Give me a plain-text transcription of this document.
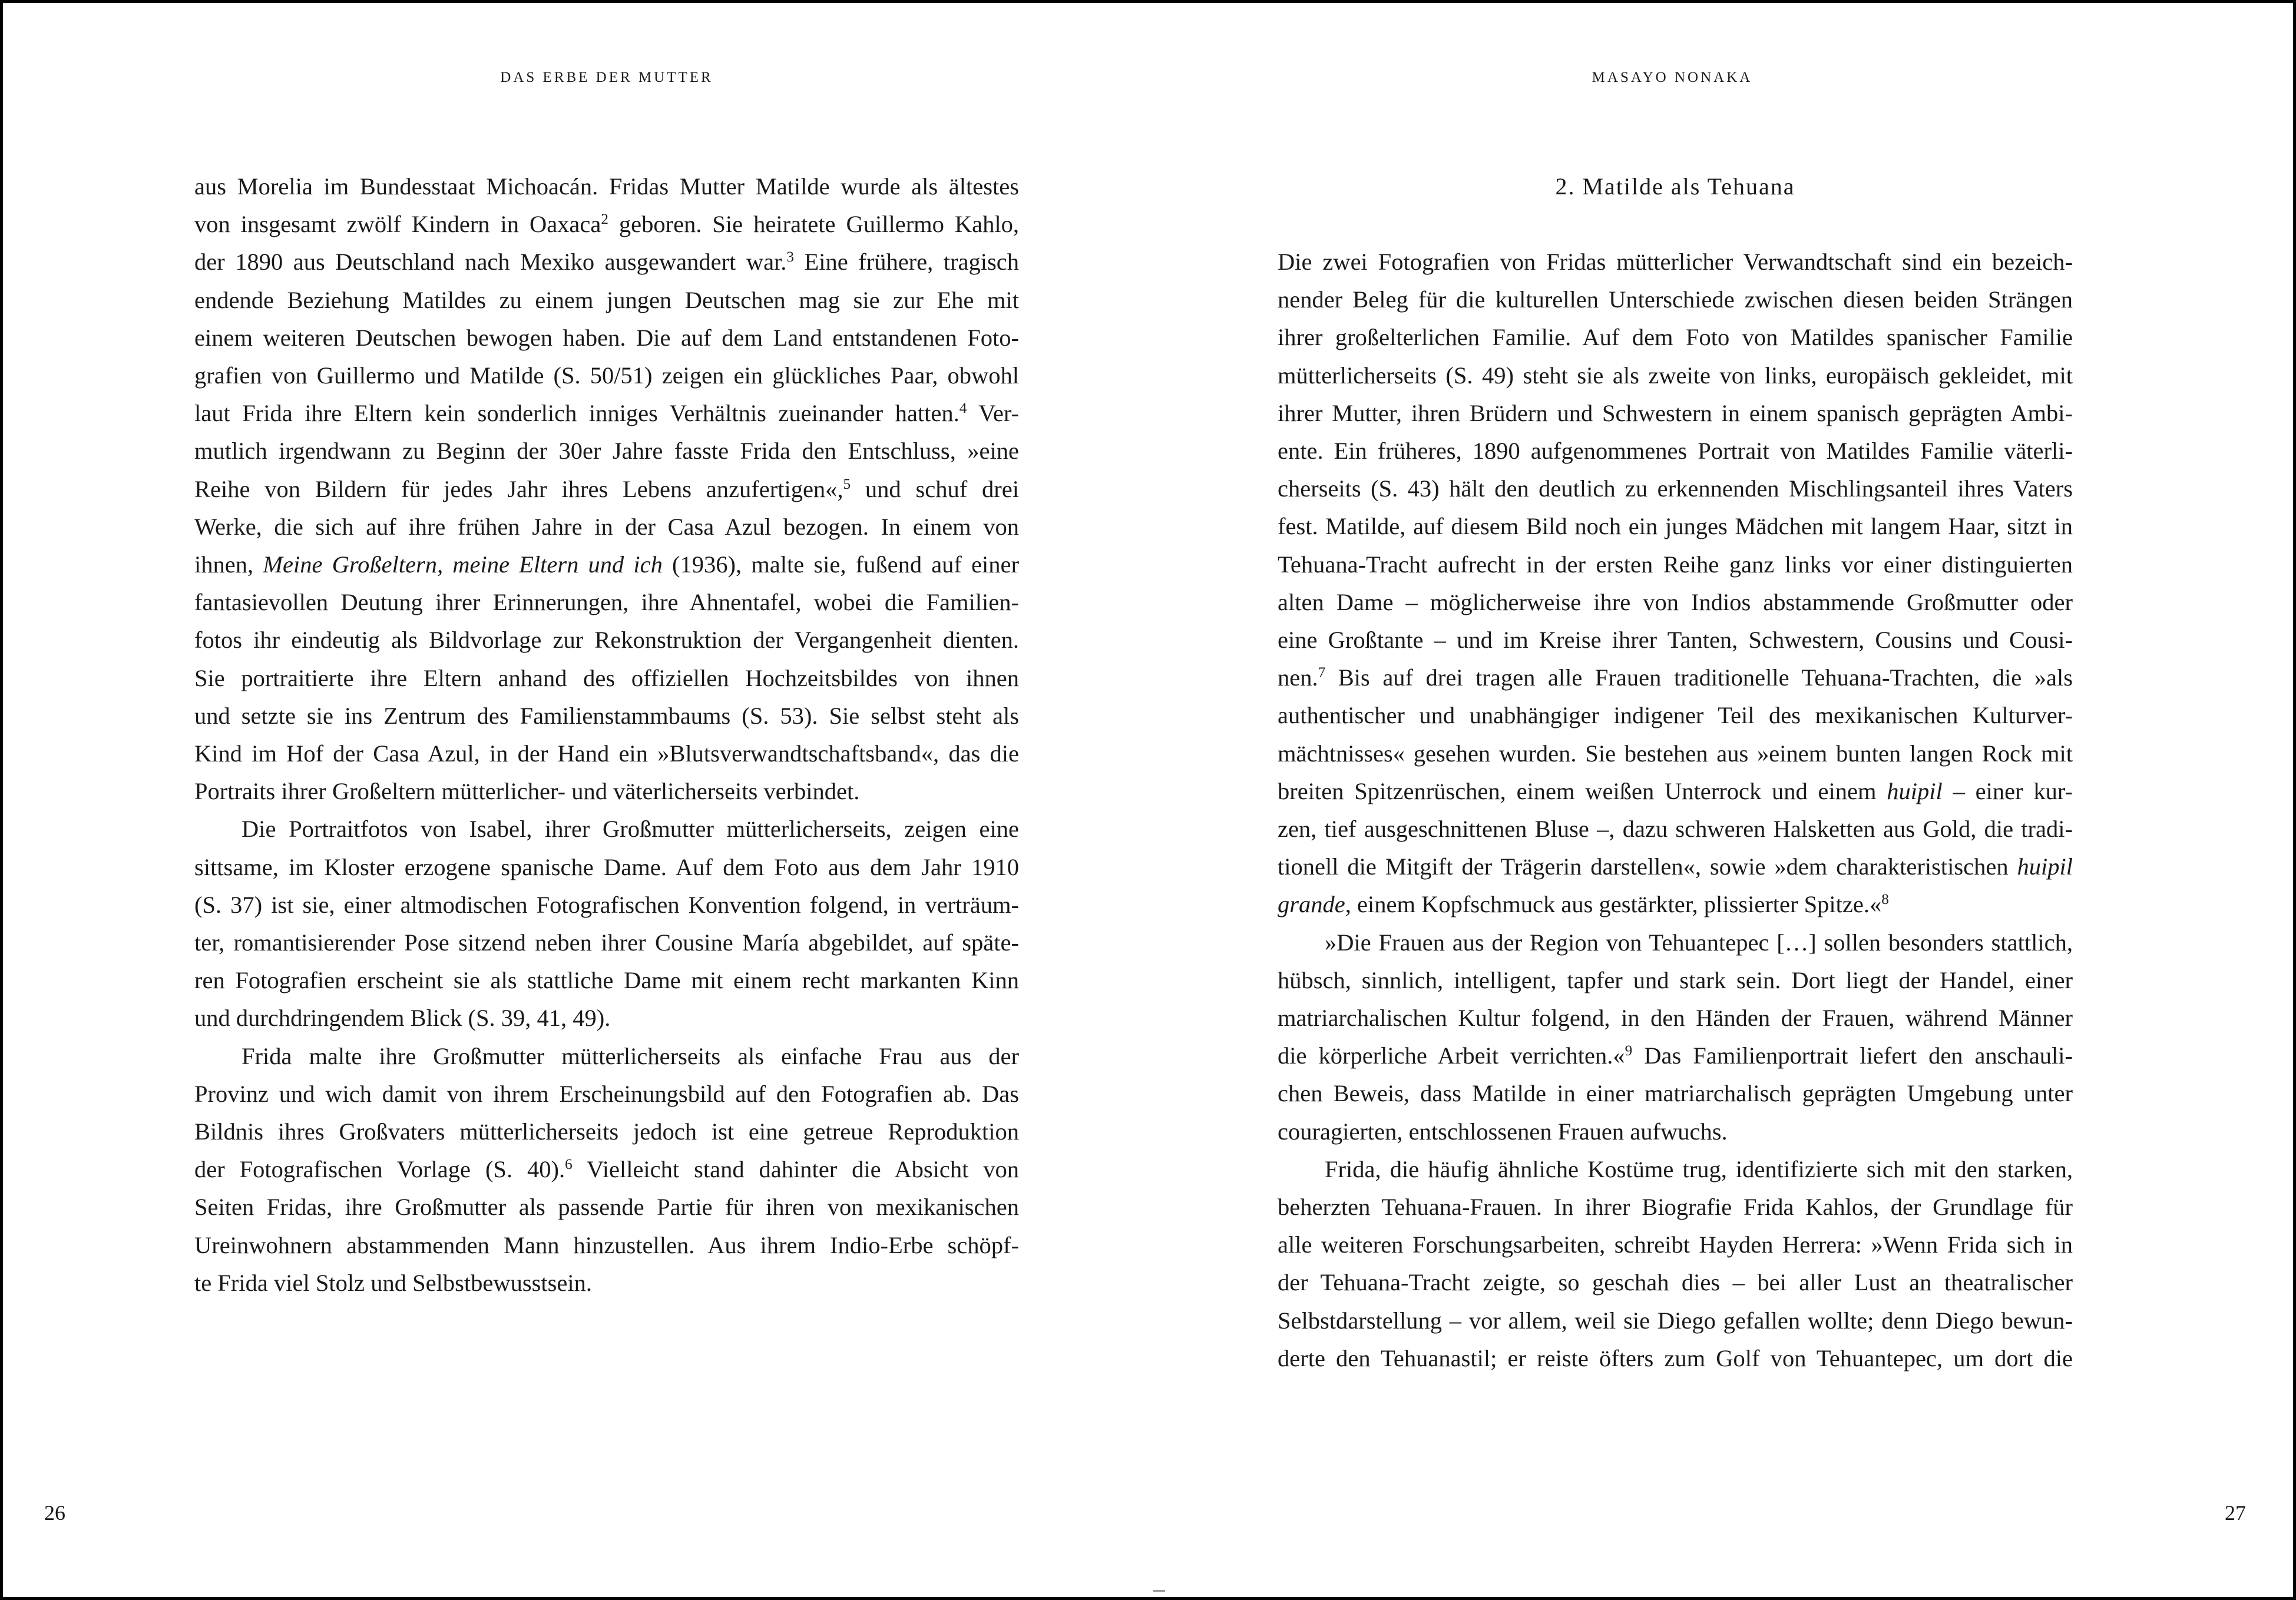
DAS ERBE DER MUTTER
aus Morelia im Bundesstaat Michoacán. Fridas Mutter Matilde wurde als ältestes
von insgesamt zwölf Kindern in Oaxaca$^2$ geboren. Sie heiratete Guillermo Kahlo,
der 1890 aus Deutschland nach Mexiko ausgewandert war.$^3$ Eine frühere, tragisch
endende Beziehung Matildes zu einem jungen Deutschen mag sie zur Ehe mit
einem weiteren Deutschen bewogen haben. Die auf dem Land entstandenen Foto-
grafien von Guillermo und Matilde (S. 50/51) zeigen ein glückliches Paar, obwohl
laut Frida ihre Eltern kein sonderlich inniges Verhältnis zueinander hatten.$^4$ Ver-
mutlich irgendwann zu Beginn der 30er Jahre fasste Frida den Entschluss, »eine
Reihe von Bildern für jedes Jahr ihres Lebens anzufertigen«,$^5$ und schuf drei
Werke, die sich auf ihre frühen Jahre in der Casa Azul bezogen. In einem von
ihnen, Meine Großeltern, meine Eltern und ich (1936), malte sie, fußend auf einer
fantasievollen Deutung ihrer Erinnerungen, ihre Ahnentafel, wobei die Familien-
fotos ihr eindeutig als Bildvorlage zur Rekonstruktion der Vergangenheit dienten.
Sie portraitierte ihre Eltern anhand des offiziellen Hochzeitsbildes von ihnen
und setzte sie ins Zentrum des Familienstammbaums (S. 53). Sie selbst steht als
Kind im Hof der Casa Azul, in der Hand ein »Blutsverwandtschaftsband«, das die
Portraits ihrer Großeltern mütterlicher- und väterlicherseits verbindet.
Die Portraitfotos von Isabel, ihrer Großmutter mütterlicherseits, zeigen eine
sittsame, im Kloster erzogene spanische Dame. Auf dem Foto aus dem Jahr 1910
(S. 37) ist sie, einer altmodischen Fotografischen Konvention folgend, in verträum-
ter, romantisierender Pose sitzend neben ihrer Cousine María abgebildet, auf späte-
ren Fotografien erscheint sie als stattliche Dame mit einem recht markanten Kinn
und durchdringendem Blick (S. 39, 41, 49).
Frida malte ihre Großmutter mütterlicherseits als einfache Frau aus der
Provinz und wich damit von ihrem Erscheinungsbild auf den Fotografien ab. Das
Bildnis ihres Großvaters mütterlicherseits jedoch ist eine getreue Reproduktion
der Fotografischen Vorlage (S. 40).$^6$ Vielleicht stand dahinter die Absicht von
Seiten Fridas, ihre Großmutter als passende Partie für ihren von mexikanischen
Ureinwohnern abstammenden Mann hinzustellen. Aus ihrem Indio-Erbe schöpf-
te Frida viel Stolz und Selbstbewusstsein.
26
MASAYO NONAKA
2. Matilde als Tehuana
Die zwei Fotografien von Fridas mütterlicher Verwandtschaft sind ein bezeich-
nender Beleg für die kulturellen Unterschiede zwischen diesen beiden Strängen
ihrer großelterlichen Familie. Auf dem Foto von Matildes spanischer Familie
mütterlicherseits (S. 49) steht sie als zweite von links, europäisch gekleidet, mit
ihrer Mutter, ihren Brüdern und Schwestern in einem spanisch geprägten Ambi-
ente. Ein früheres, 1890 aufgenommenes Portrait von Matildes Familie väterli-
cherseits (S. 43) hält den deutlich zu erkennenden Mischlingsanteil ihres Vaters
fest. Matilde, auf diesem Bild noch ein junges Mädchen mit langem Haar, sitzt in
Tehuana-Tracht aufrecht in der ersten Reihe ganz links vor einer distinguierten
alten Dame – möglicherweise ihre von Indios abstammende Großmutter oder
eine Großtante – und im Kreise ihrer Tanten, Schwestern, Cousins und Cousi-
nen.$^7$ Bis auf drei tragen alle Frauen traditionelle Tehuana-Trachten, die »als
authentischer und unabhängiger indigener Teil des mexikanischen Kulturver-
mächtnisses« gesehen wurden. Sie bestehen aus »einem bunten langen Rock mit
breiten Spitzenrüschen, einem weißen Unterrock und einem huipil – einer kur-
zen, tief ausgeschnittenen Bluse –, dazu schweren Halsketten aus Gold, die tradi-
tionell die Mitgift der Trägerin darstellen«, sowie »dem charakteristischen huipil
grande, einem Kopfschmuck aus gestärkter, plissierter Spitze.«$^8$
»Die Frauen aus der Region von Tehuantepec […] sollen besonders stattlich,
hübsch, sinnlich, intelligent, tapfer und stark sein. Dort liegt der Handel, einer
matriarchalischen Kultur folgend, in den Händen der Frauen, während Männer
die körperliche Arbeit verrichten.«$^9$ Das Familienportrait liefert den anschauli-
chen Beweis, dass Matilde in einer matriarchalisch geprägten Umgebung unter
couragierten, entschlossenen Frauen aufwuchs.
Frida, die häufig ähnliche Kostüme trug, identifizierte sich mit den starken,
beherzten Tehuana-Frauen. In ihrer Biografie Frida Kahlos, der Grundlage für
alle weiteren Forschungsarbeiten, schreibt Hayden Herrera: »Wenn Frida sich in
der Tehuana-Tracht zeigte, so geschah dies – bei aller Lust an theatralischer
Selbstdarstellung – vor allem, weil sie Diego gefallen wollte; denn Diego bewun-
derte den Tehuanastil; er reiste öfters zum Golf von Tehuantepec, um dort die
27
